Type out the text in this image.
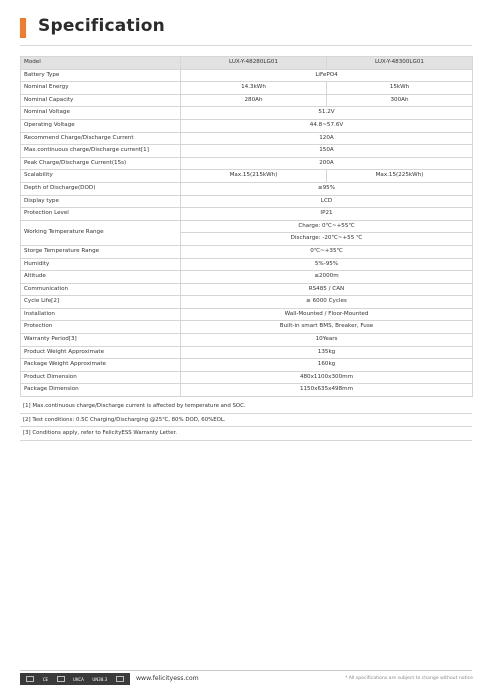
Specification
Model	LUX-Y-48280LG01	LUX-Y-48300LG01
Battery Type	LiFePO4	
Nominal Energy	14.3kWh	15kWh
Nominal Capacity	280Ah	300Ah
Nominal Voltage	51.2V	
Operating Voltage	44.8~57.6V	
Recommend Charge/Discharge Current	120A	
Max.continuous charge/Discharge current[1]	150A	
Peak Charge/Discharge Current(15s)	200A	
Scalability	Max.15(215kWh)	Max.15(225kWh)
Depth of Discharge(DOD)	≥95%	
Display type	LCD	
Protection Level	IP21	
Working Temperature Range	Charge: 0℃~+55℃	
	Discharge: -20℃~+55 ℃	
Storge Temperature Range	0℃~+35℃	
Humidity	5%-95%	
Altitude	≤2000m	
Communication	RS485 / CAN	
Cycle Life[2]	≥ 6000 Cycles	
Installation	Wall-Mounted / Floor-Mounted	
Protection	Built-in smart BMS, Breaker, Fuse	
Warranty Period[3]	10Years	
Product Weight Approximate	135kg	
Package Weight Approximate	160kg	
Product Dimension	480x1100x300mm	
Package Dimension	1150x635x498mm	
[1] Max.continuous charge/Discharge current is affected by temperature and SOC.
[2] Test conditions: 0.5C Charging/Discharging @25℃, 80% DOD, 60%EOL.
[3] Conditions apply, refer to FelicityESS Warranty Letter.
CE	UKCA UN38.3	www.felicityess.com	* All specifications are subject to change without notice
